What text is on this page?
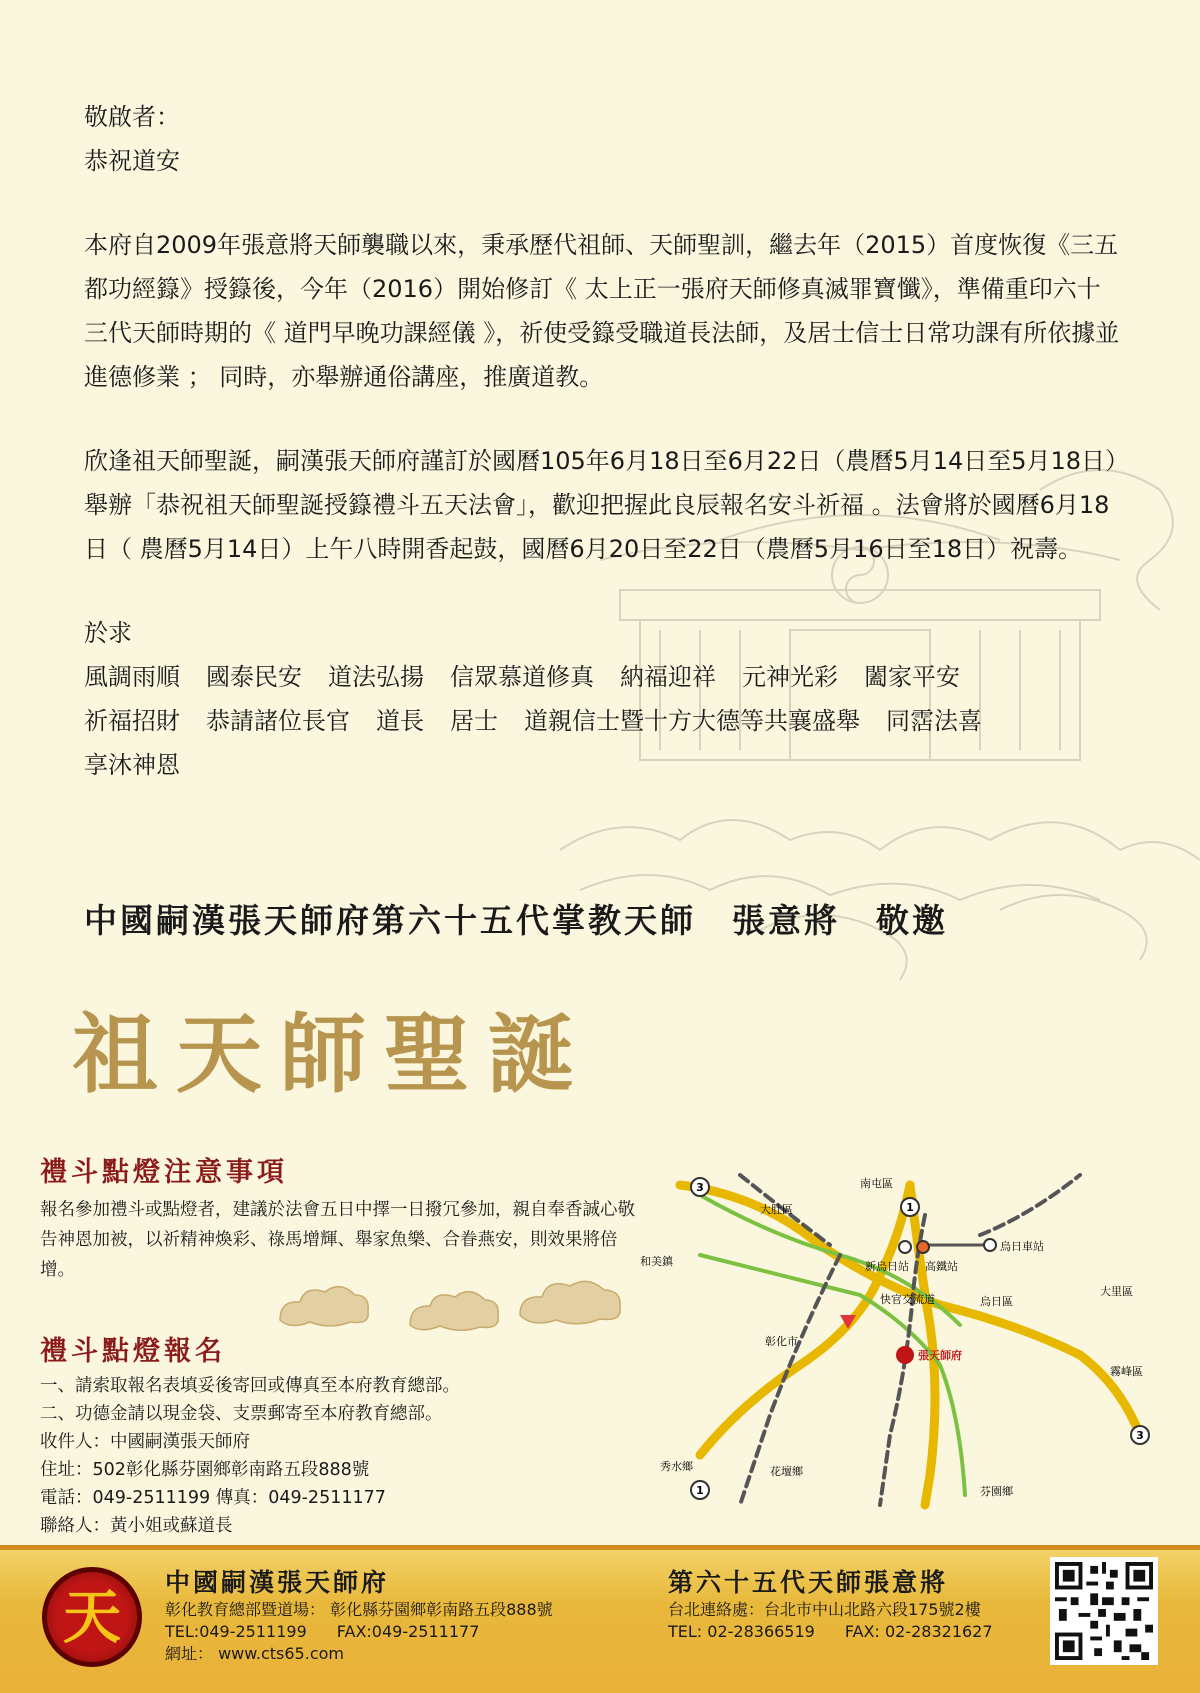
敬啟者：

恭祝道安

本府自2009年張意將天師襲職以來，秉承歷代祖師、天師聖訓，繼去年（2015）首度恢復《三五都功經籙》授籙後，今年（2016）開始修訂《 太上正一張府天師修真滅罪寶懺》，準備重印六十三代天師時期的《 道門早晚功課經儀 》，祈使受籙受職道長法師，及居士信士日常功課有所依據並進德修業 ； 同時，亦舉辦通俗講座，推廣道教。

欣逢祖天師聖誕，嗣漢張天師府謹訂於國曆105年6月18日至6月22日（農曆5月14日至5月18日）舉辦「恭祝祖天師聖誕授籙禮斗五天法會」，歡迎把握此良辰報名安斗祈福 。法會將於國曆6月18日（ 農曆5月14日）上午八時開香起鼓，國曆6月20日至22日（農曆5月16日至18日）祝壽。

於求

風調雨順 國泰民安 道法弘揚 信眾慕道修真 納福迎祥 元神光彩 闔家平安

祈福招財 恭請諸位長官 道長 居士 道親信士暨十方大德等共襄盛舉 同霑法喜

享沐神恩

中國嗣漢張天師府第六十五代掌教天師 張意將 敬邀
祖天師聖誕
禮斗點燈注意事項
報名參加禮斗或點燈者，建議於法會五日中擇一日撥冗參加，親自奉香誠心敬告神恩加被，以祈精神煥彩、祿馬增輝、舉家魚樂、合眷燕安，則效果將倍增。
禮斗點燈報名
一、請索取報名表填妥後寄回或傳真至本府教育總部。
二、功德金請以現金袋、支票郵寄至本府教育總部。
收件人：中國嗣漢張天師府
住址：502彰化縣芬園鄉彰南路五段888號
電話：049-2511199 傳真：049-2511177
聯絡人：黃小姐或蘇道長
3
3
1
1
南屯區
大肚區
和美鎮	新烏日站 高鐵站
烏日車站
烏日區
大里區
霧峰區
彰化市
秀水鄉	花壇鄉
芬園鄉
快官交流道
張天師府
天
中國嗣漢張天師府
彰化教育總部暨道場： 彰化縣芬園鄉彰南路五段888號
TEL:049-2511199 FAX:049-2511177
網址： www.cts65.com
第六十五代天師張意將
台北連絡處：台北市中山北路六段175號2樓
TEL: 02-28366519 FAX: 02-28321627
